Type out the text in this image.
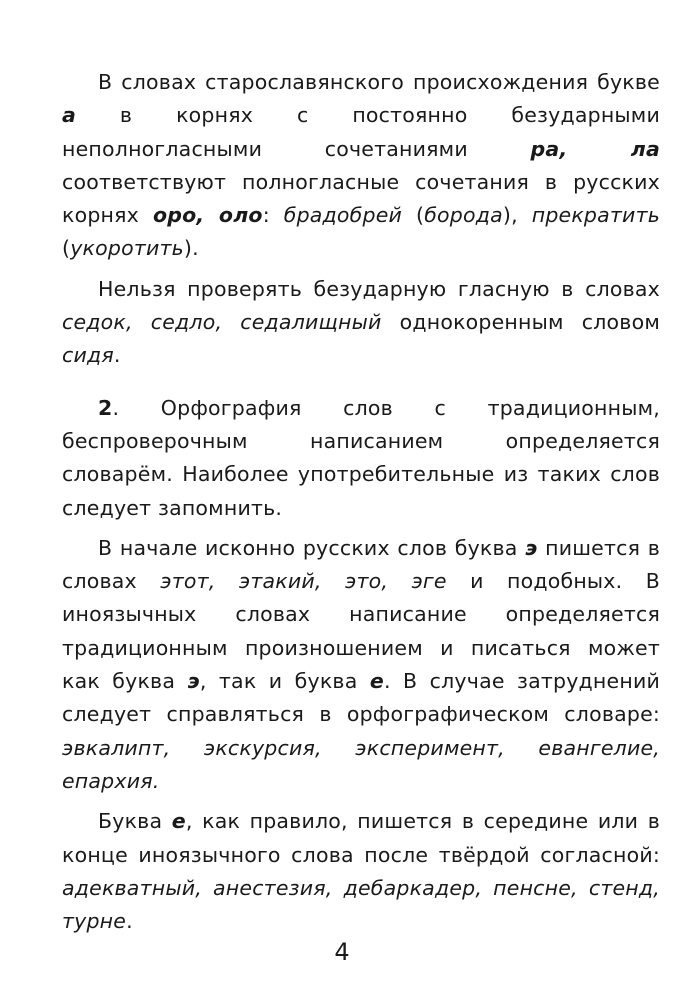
В словах старославянского происхождения букве а в корнях с постоянно безударными неполногласными сочетаниями ра, ла соответствуют полногласные сочетания в русских корнях оро, оло: брадобрей (борода), прекратить (укоротить).

Нельзя проверять безударную гласную в словах седок, седло, седалищный однокоренным словом сидя.

2. Орфография слов с традиционным, беспроверочным написанием определяется словарём. Наиболее употребительные из таких слов следует запомнить.

В начале исконно русских слов буква э пишется в словах этот, этакий, это, эге и подобных. В иноязычных словах написание определяется традиционным произношением и писаться может как буква э, так и буква е. В случае затруднений следует справляться в орфографическом словаре: эвкалипт, экскурсия, эксперимент, евангелие, епархия.

Буква е, как правило, пишется в середине или в конце иноязычного слова после твёрдой согласной: адекватный, анестезия, дебаркадер, пенсне, стенд, турне.

4
